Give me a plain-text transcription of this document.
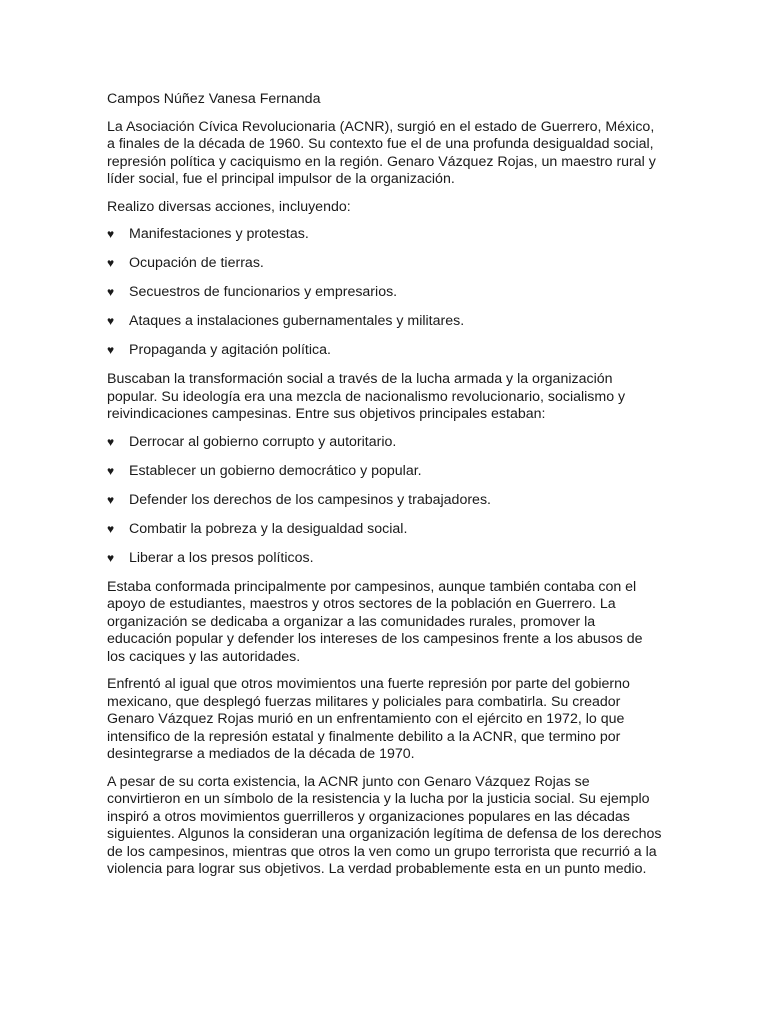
Campos Núñez Vanesa Fernanda

La Asociación Cívica Revolucionaria (ACNR), surgió en el estado de Guerrero, México, a finales de la década de 1960. Su contexto fue el de una profunda desigualdad social, represión política y caciquismo en la región. Genaro Vázquez Rojas, un maestro rural y líder social, fue el principal impulsor de la organización.

Realizo diversas acciones, incluyendo:

♥ Manifestaciones y protestas.
♥ Ocupación de tierras.
♥ Secuestros de funcionarios y empresarios.
♥ Ataques a instalaciones gubernamentales y militares.
♥ Propaganda y agitación política.

Buscaban la transformación social a través de la lucha armada y la organización popular. Su ideología era una mezcla de nacionalismo revolucionario, socialismo y reivindicaciones campesinas. Entre sus objetivos principales estaban:

♥ Derrocar al gobierno corrupto y autoritario.
♥ Establecer un gobierno democrático y popular.
♥ Defender los derechos de los campesinos y trabajadores.
♥ Combatir la pobreza y la desigualdad social.
♥ Liberar a los presos políticos.

Estaba conformada principalmente por campesinos, aunque también contaba con el apoyo de estudiantes, maestros y otros sectores de la población en Guerrero. La organización se dedicaba a organizar a las comunidades rurales, promover la educación popular y defender los intereses de los campesinos frente a los abusos de los caciques y las autoridades.

Enfrentó al igual que otros movimientos una fuerte represión por parte del gobierno mexicano, que desplegó fuerzas militares y policiales para combatirla. Su creador Genaro Vázquez Rojas murió en un enfrentamiento con el ejército en 1972, lo que intensifico de la represión estatal y finalmente debilito a la ACNR, que termino por desintegrarse a mediados de la década de 1970.

A pesar de su corta existencia, la ACNR junto con Genaro Vázquez Rojas se convirtieron en un símbolo de la resistencia y la lucha por la justicia social. Su ejemplo inspiró a otros movimientos guerrilleros y organizaciones populares en las décadas siguientes. Algunos la consideran una organización legítima de defensa de los derechos de los campesinos, mientras que otros la ven como un grupo terrorista que recurrió a la violencia para lograr sus objetivos. La verdad probablemente esta en un punto medio.
